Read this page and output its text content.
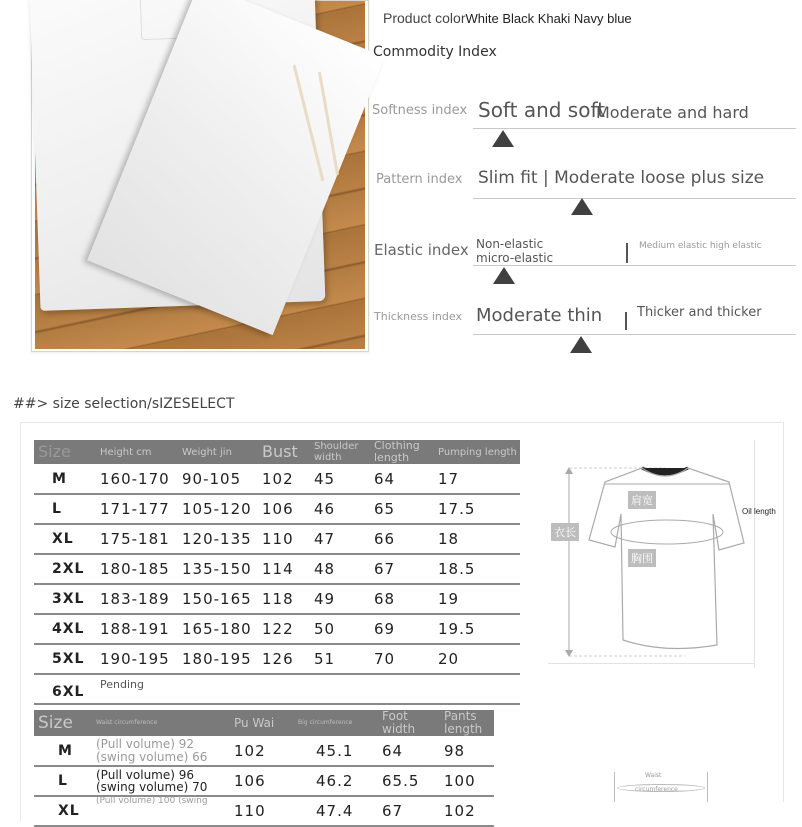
Product colorWhite Black Khaki Navy blue
Commodity Index
Softness index Soft and soft
Moderate and hard
Pattern index Slim fit | Moderate loose plus size
Elastic index Non-elastic
micro-elastic
Medium elastic high elastic
Thickness index Moderate thin	Thicker and thicker
##> size selection/sIZESELECT
Size	Height cm	Weight jin	Bust	Shoulder width	Clothing length	Pumping length
M	160-170	90-105	102	45	64	17
L	171-177	105-120	106	46	65	17.5
XL	175-181	120-135	110	47	66	18
2XL	180-185	135-150	114	48	67	18.5
3XL	183-189	150-165	118	49	68	19
4XL	188-191	165-180	122	50	69	19.5
5XL	190-195	180-195	126	51	70	20
6XL	Pending					
Size	Waist circumference	Pu Wai	Big circumference	Foot width	Pants length
M	(Pull volume) 92 (swing volume) 66	102	45.1	64	98
L	(Pull volume) 96 (swing volume) 70	106	46.2	65.5	100
XL	(Pull volume) 100 (swing	110	47.4	67	102
肩宽
衣长
胸围
Oil length
Waist
circumference
